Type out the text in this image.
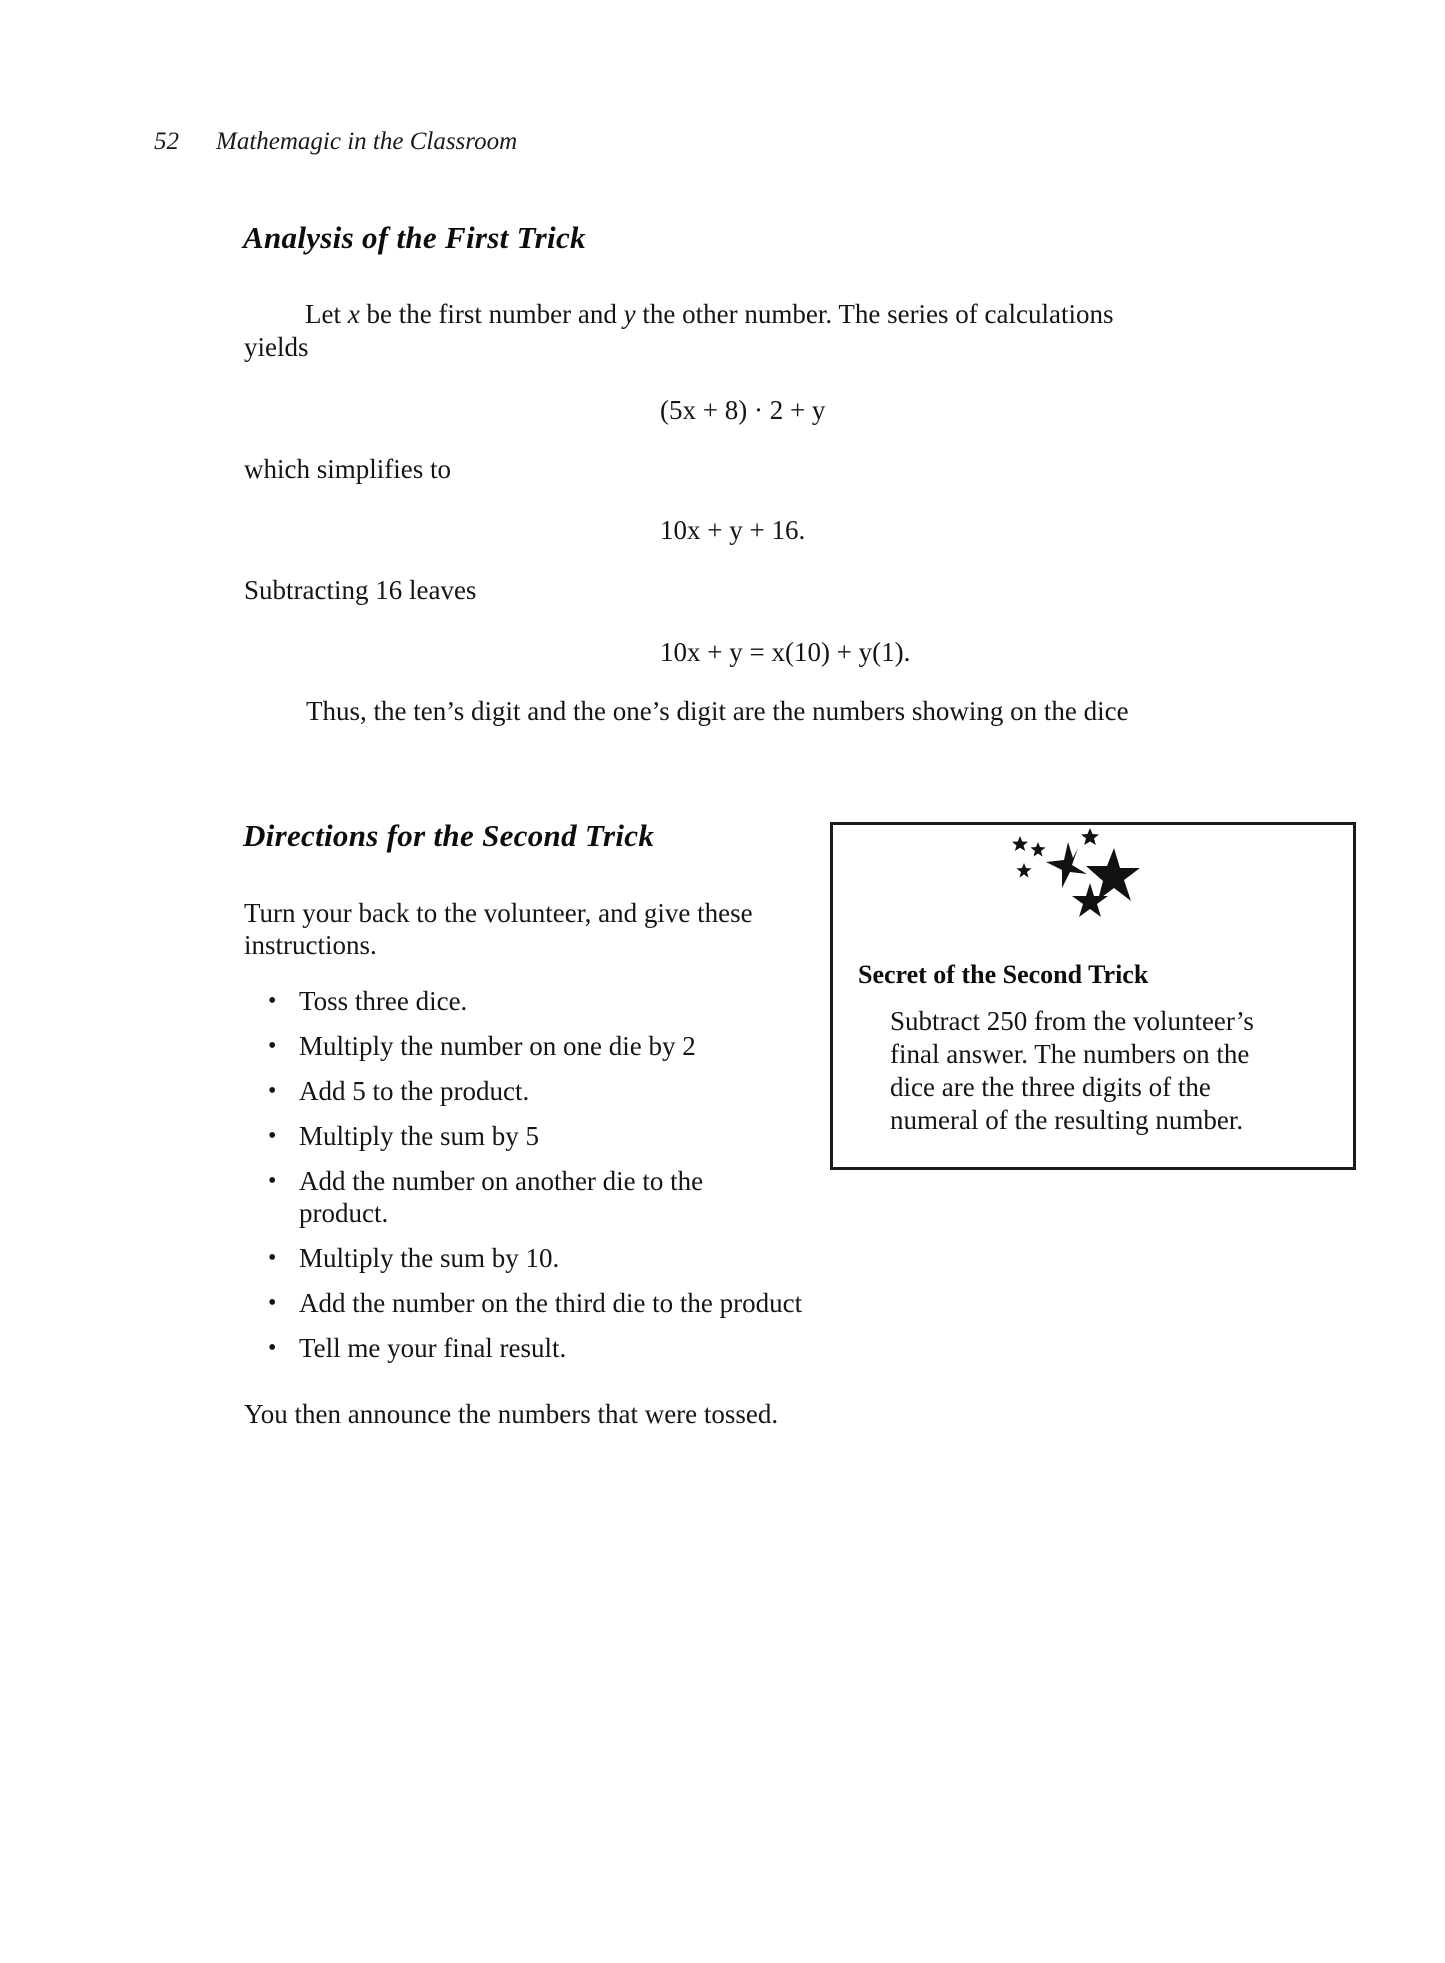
52 Mathemagic in the Classroom
Analysis of the First Trick
Let x be the first number and y the other number. The series of calculations
yields
(5x + 8) · 2 + y
which simplifies to
10x + y + 16.
Subtracting 16 leaves
10x + y = x(10) + y(1).
Thus, the ten’s digit and the one’s digit are the numbers showing on the dice
Directions for the Second Trick
Turn your back to the volunteer, and give these
instructions.
• Toss three dice.
• Multiply the number on one die by 2
• Add 5 to the product.
• Multiply the sum by 5
• Add the number on another die to the
product.
• Multiply the sum by 10.
• Add the number on the third die to the product
• Tell me your final result.
You then announce the numbers that were tossed.
Secret of the Second Trick
Subtract 250 from the volunteer’s
final answer. The numbers on the
dice are the three digits of the
numeral of the resulting number.
